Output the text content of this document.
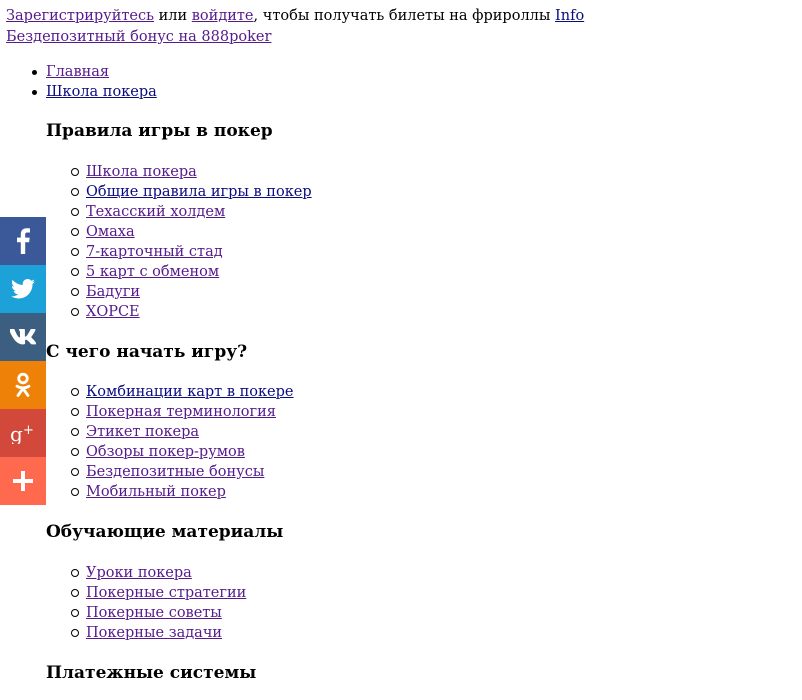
Зарегистрируйтесь или войдите, чтобы получать билеты на фрироллы Info
Бездепозитный бонус на 888poker
Главная
Школа покера
Правила игры в покер
Школа покера
Общие правила игры в покер
Техасский холдем
Омаха
7-карточный стад
5 карт с обменом
Бадуги
ХОРСЕ
С чего начать игру?
Комбинации карт в покере
Покерная терминология
Этикет покера
Обзоры покер-румов
Бездепозитные бонусы
Мобильный покер
Обучающие материалы
Уроки покера
Покерные стратегии
Покерные советы
Покерные задачи
Платежные системы
g +
